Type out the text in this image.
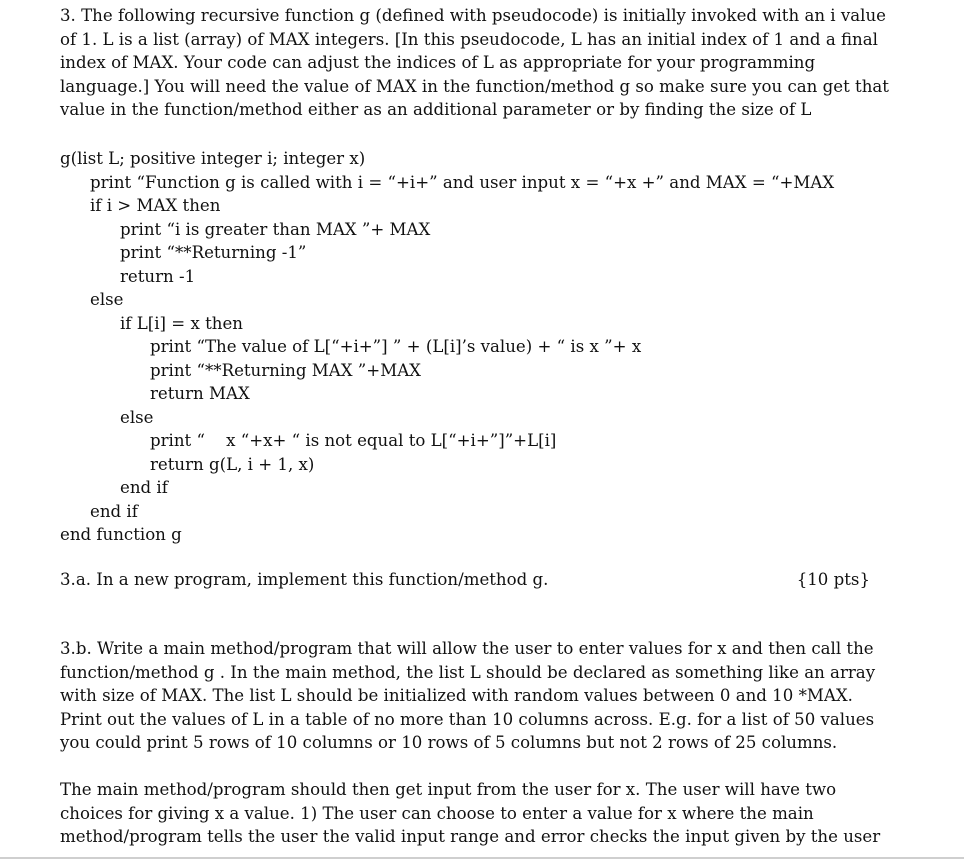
3. The following recursive function g (defined with pseudocode) is initially invoked with an i value
of 1. L is a list (array) of MAX integers. [In this pseudocode, L has an initial index of 1 and a final
index of MAX. Your code can adjust the indices of L as appropriate for your programming
language.] You will need the value of MAX in the function/method g so make sure you can get that
value in the function/method either as an additional parameter or by finding the size of L
g(list L; positive integer i; integer x)
print “Function g is called with i = “+i+” and user input x = “+x +” and MAX = “+MAX
if i > MAX then
print “i is greater than MAX ”+ MAX
print “**Returning -1”
return -1
else
if L[i] = x then
print “The value of L[“+i+”] ” + (L[i]’s value) + “ is x ”+ x
print “**Returning MAX ”+MAX
return MAX
else
print “    x “+x+ “ is not equal to L[“+i+”]”+L[i]
return g(L, i + 1, x)
end if
end if
end function g
3.a. In a new program, implement this function/method g.	{10 pts}
3.b. Write a main method/program that will allow the user to enter values for x and then call the
function/method g . In the main method, the list L should be declared as something like an array
with size of MAX. The list L should be initialized with random values between 0 and 10 *MAX.
Print out the values of L in a table of no more than 10 columns across. E.g. for a list of 50 values
you could print 5 rows of 10 columns or 10 rows of 5 columns but not 2 rows of 25 columns.
The main method/program should then get input from the user for x. The user will have two
choices for giving x a value. 1) The user can choose to enter a value for x where the main
method/program tells the user the valid input range and error checks the input given by the user
